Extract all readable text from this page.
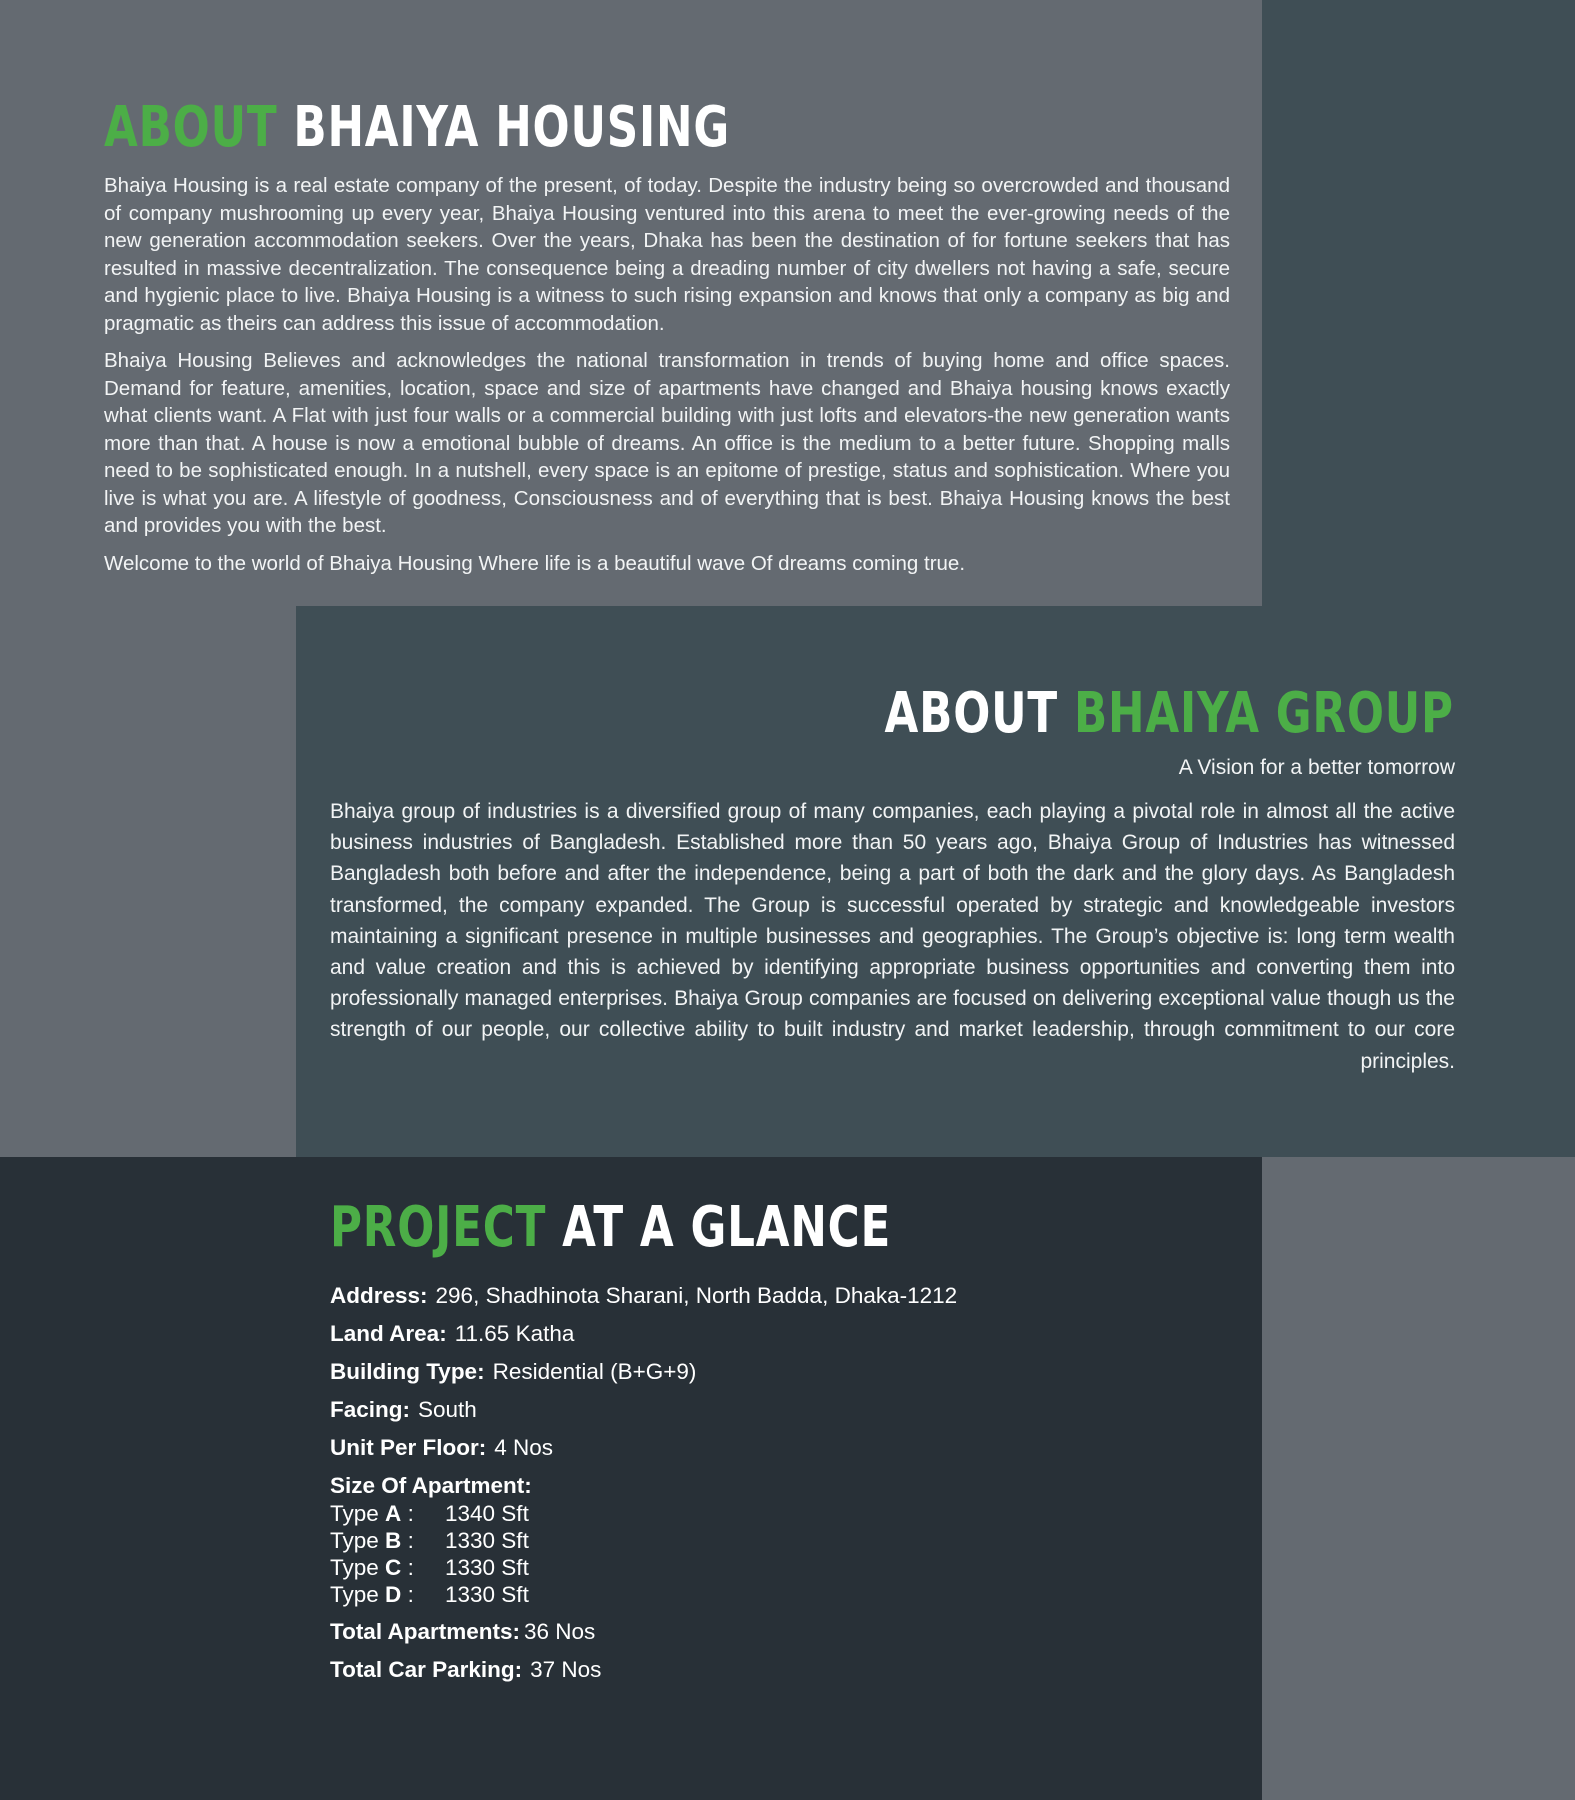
ABOUT BHAIYA HOUSING

Bhaiya Housing is a real estate company of the present, of today. Despite the industry being so overcrowded and thousand of company mushrooming up every year, Bhaiya Housing ventured into this arena to meet the ever-growing needs of the new generation accommodation seekers. Over the years, Dhaka has been the destination of for fortune seekers that has resulted in massive decentralization. The consequence being a dreading number of city dwellers not having a safe, secure and hygienic place to live. Bhaiya Housing is a witness to such rising expansion and knows that only a company as big and pragmatic as theirs can address this issue of accommodation.

Bhaiya Housing Believes and acknowledges the national transformation in trends of buying home and office spaces. Demand for feature, amenities, location, space and size of apartments have changed and Bhaiya housing knows exactly what clients want. A Flat with just four walls or a commercial building with just lofts and elevators-the new generation wants more than that. A house is now a emotional bubble of dreams. An office is the medium to a better future. Shopping malls need to be sophisticated enough. In a nutshell, every space is an epitome of prestige, status and sophistication. Where you live is what you are. A lifestyle of goodness, Consciousness and of everything that is best. Bhaiya Housing knows the best and provides you with the best.

Welcome to the world of Bhaiya Housing Where life is a beautiful wave Of dreams coming true.

ABOUT BHAIYA GROUP
A Vision for a better tomorrow

Bhaiya group of industries is a diversified group of many companies, each playing a pivotal role in almost all the active business industries of Bangladesh. Established more than 50 years ago, Bhaiya Group of Industries has witnessed Bangladesh both before and after the independence, being a part of both the dark and the glory days. As Bangladesh transformed, the company expanded. The Group is successful operated by strategic and knowledgeable investors maintaining a significant presence in multiple businesses and geographies. The Group’s objective is: long term wealth and value creation and this is achieved by identifying appropriate business opportunities and converting them into professionally managed enterprises. Bhaiya Group companies are focused on delivering exceptional value though us the strength of our people, our collective ability to built industry and market leadership, through commitment to our core principles.

PROJECT AT A GLANCE
Address: 296, Shadhinota Sharani, North Badda, Dhaka-1212
Land Area: 11.65 Katha
Building Type: Residential (B+G+9)
Facing: South
Unit Per Floor: 4 Nos
Size Of Apartment:
Type A : 1340 Sft
Type B : 1330 Sft
Type C : 1330 Sft
Type D : 1330 Sft
Total Apartments: 36 Nos
Total Car Parking: 37 Nos
